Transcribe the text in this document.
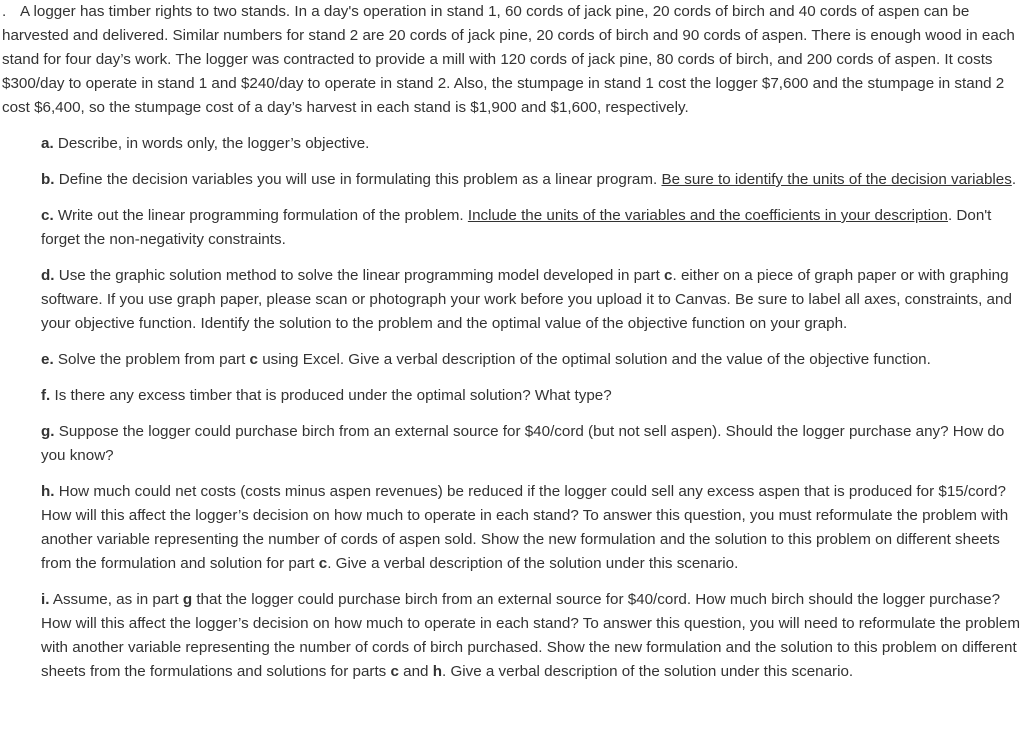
. A logger has timber rights to two stands. In a day's operation in stand 1, 60 cords of jack pine, 20 cords of birch and 40 cords of aspen can be harvested and delivered. Similar numbers for stand 2 are 20 cords of jack pine, 20 cords of birch and 90 cords of aspen. There is enough wood in each stand for four day’s work. The logger was contracted to provide a mill with 120 cords of jack pine, 80 cords of birch, and 200 cords of aspen. It costs $300/day to operate in stand 1 and $240/day to operate in stand 2. Also, the stumpage in stand 1 cost the logger $7,600 and the stumpage in stand 2 cost $6,400, so the stumpage cost of a day’s harvest in each stand is $1,900 and $1,600, respectively.

a. Describe, in words only, the logger’s objective.

b. Define the decision variables you will use in formulating this problem as a linear program. Be sure to identify the units of the decision variables.

c. Write out the linear programming formulation of the problem. Include the units of the variables and the coefficients in your description. Don't forget the non-negativity constraints.

d. Use the graphic solution method to solve the linear programming model developed in part c. either on a piece of graph paper or with graphing software. If you use graph paper, please scan or photograph your work before you upload it to Canvas. Be sure to label all axes, constraints, and your objective function. Identify the solution to the problem and the optimal value of the objective function on your graph.

e. Solve the problem from part c using Excel. Give a verbal description of the optimal solution and the value of the objective function.

f. Is there any excess timber that is produced under the optimal solution? What type?

g. Suppose the logger could purchase birch from an external source for $40/cord (but not sell aspen). Should the logger purchase any? How do you know?

h. How much could net costs (costs minus aspen revenues) be reduced if the logger could sell any excess aspen that is produced for $15/cord? How will this affect the logger’s decision on how much to operate in each stand? To answer this question, you must reformulate the problem with another variable representing the number of cords of aspen sold. Show the new formulation and the solution to this problem on different sheets from the formulation and solution for part c. Give a verbal description of the solution under this scenario.

i. Assume, as in part g that the logger could purchase birch from an external source for $40/cord. How much birch should the logger purchase? How will this affect the logger’s decision on how much to operate in each stand? To answer this question, you will need to reformulate the problem with another variable representing the number of cords of birch purchased. Show the new formulation and the solution to this problem on different sheets from the formulations and solutions for parts c and h. Give a verbal description of the solution under this scenario.
